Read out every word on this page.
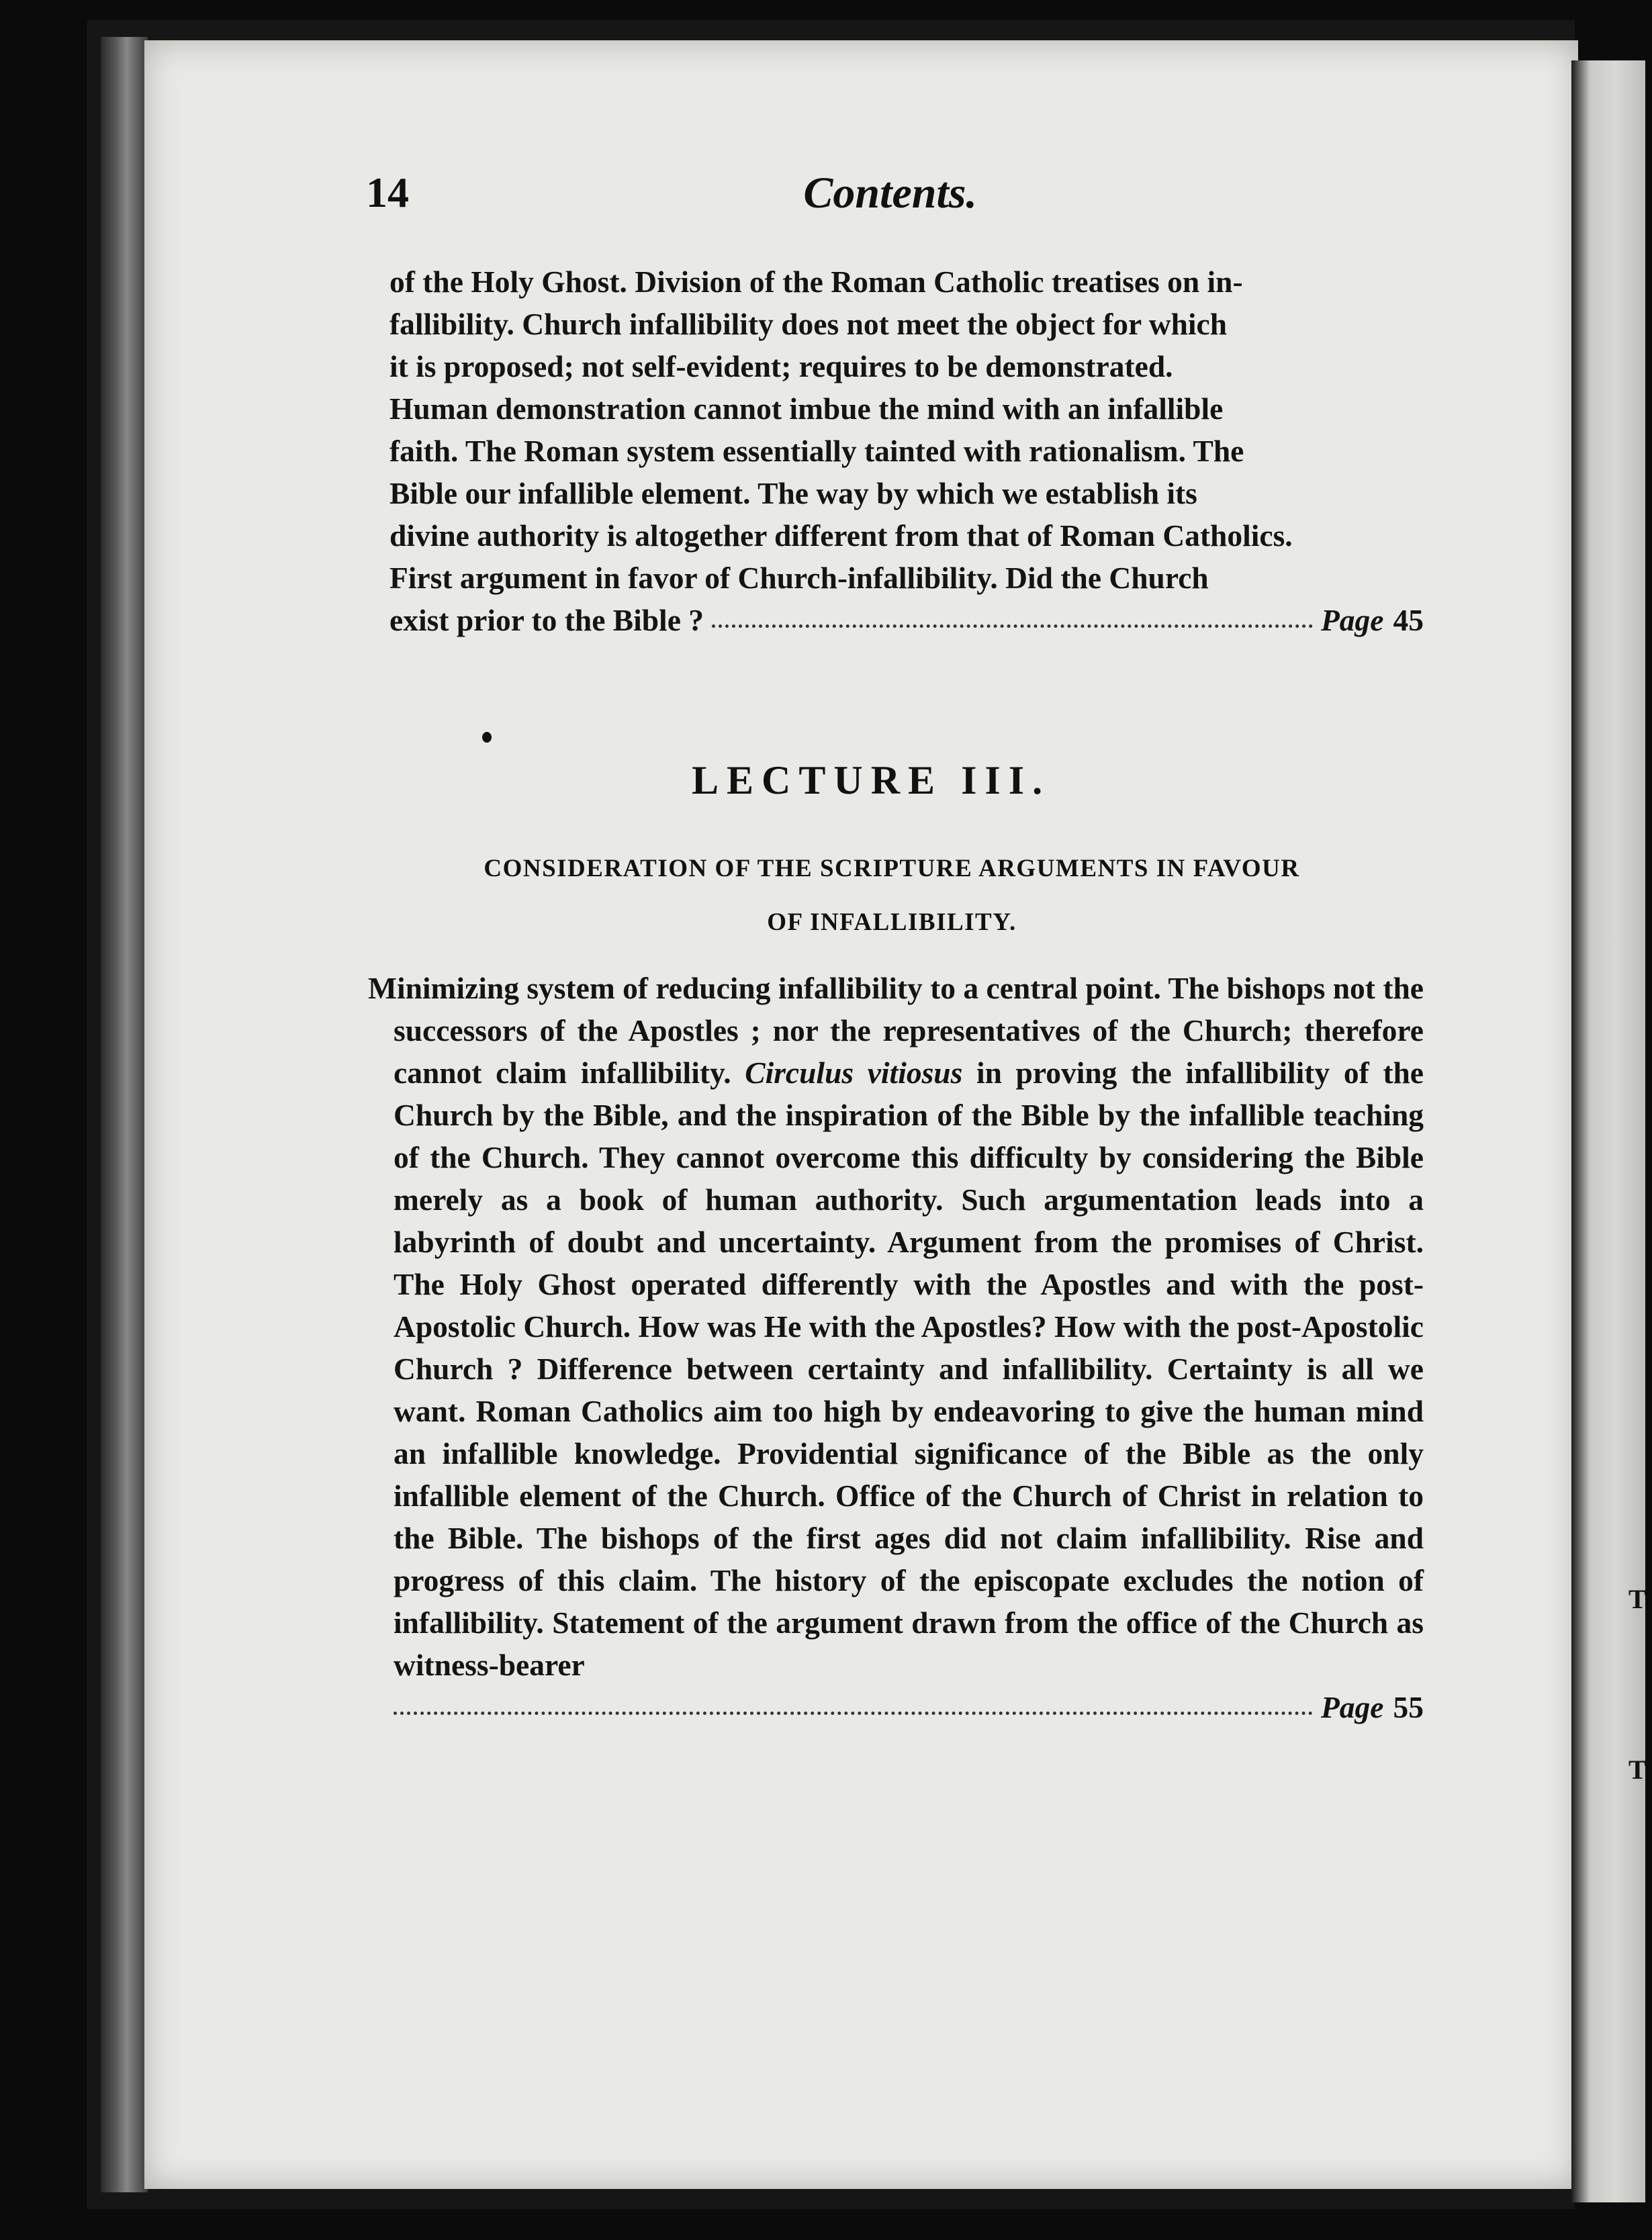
T
T
14	Contents.
of the Holy Ghost. Division of the Roman Catholic treatises on in-
fallibility. Church infallibility does not meet the object for which
it is proposed; not self-evident; requires to be demonstrated.
Human demonstration cannot imbue the mind with an infallible
faith. The Roman system essentially tainted with rationalism. The
Bible our infallible element. The way by which we establish its
divine authority is altogether different from that of Roman Catholics.
First argument in favor of Church-infallibility. Did the Church
exist prior to the Bible ?	Page 45
LECTURE III.
CONSIDERATION OF THE SCRIPTURE ARGUMENTS IN FAVOUR
OF INFALLIBILITY.
Minimizing system of reducing infallibility to a central point. The bishops not the successors of the Apostles ; nor the representatives of the Church; therefore cannot claim infallibility. Circulus vitiosus in proving the infallibility of the Church by the Bible, and the inspiration of the Bible by the infallible teaching of the Church. They cannot overcome this difficulty by considering the Bible merely as a book of human authority. Such argumentation leads into a labyrinth of doubt and uncertainty. Argument from the promises of Christ. The Holy Ghost operated differently with the Apostles and with the post-Apostolic Church. How was He with the Apostles? How with the post-Apostolic Church ? Difference between certainty and infallibility. Certainty is all we want. Roman Catholics aim too high by endeavoring to give the human mind an infallible knowledge. Providential significance of the Bible as the only infallible element of the Church. Office of the Church of Christ in relation to the Bible. The bishops of the first ages did not claim infallibility. Rise and progress of this claim. The history of the episcopate excludes the notion of infallibility. Statement of the argument drawn from the office of the Church as witness-bearer
Page 55
